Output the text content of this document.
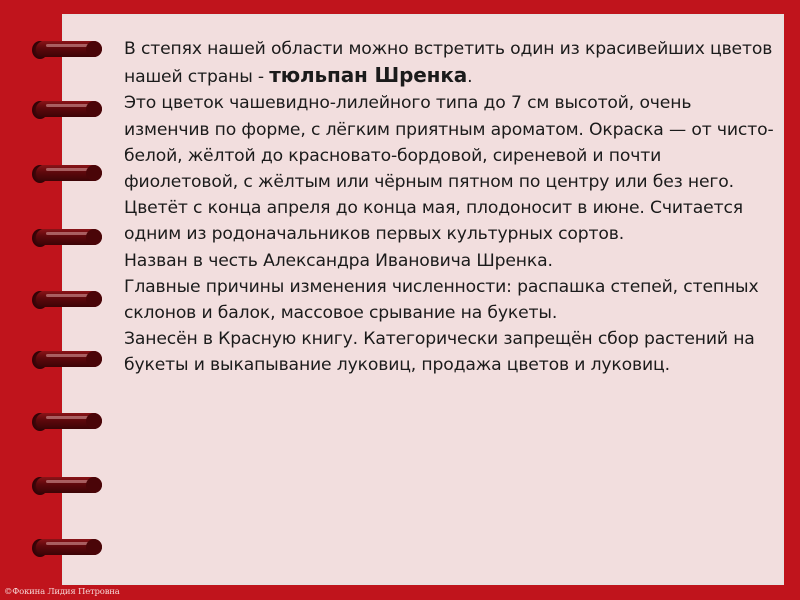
В степях нашей области можно встретить один из красивейших цветов нашей страны - тюльпан Шренка.

Это цветок чашевидно-лилейного типа до 7 см высотой, очень изменчив по форме, с лёгким приятным ароматом. Окраска — от чисто-белой, жёлтой до красновато-бордовой, сиреневой и почти фиолетовой, с жёлтым или чёрным пятном по центру или без него.

Цветёт с конца апреля до конца мая, плодоносит в июне. Считается одним из родоначальников первых культурных сортов.

Назван в честь Александра Ивановича Шренка.

Главные причины изменения численности: распашка степей, степных склонов и балок, массовое срывание на букеты.

Занесён в Красную книгу. Категорически запрещён сбор растений на букеты и выкапывание луковиц, продажа цветов и луковиц.

©Фокина Лидия Петровна
